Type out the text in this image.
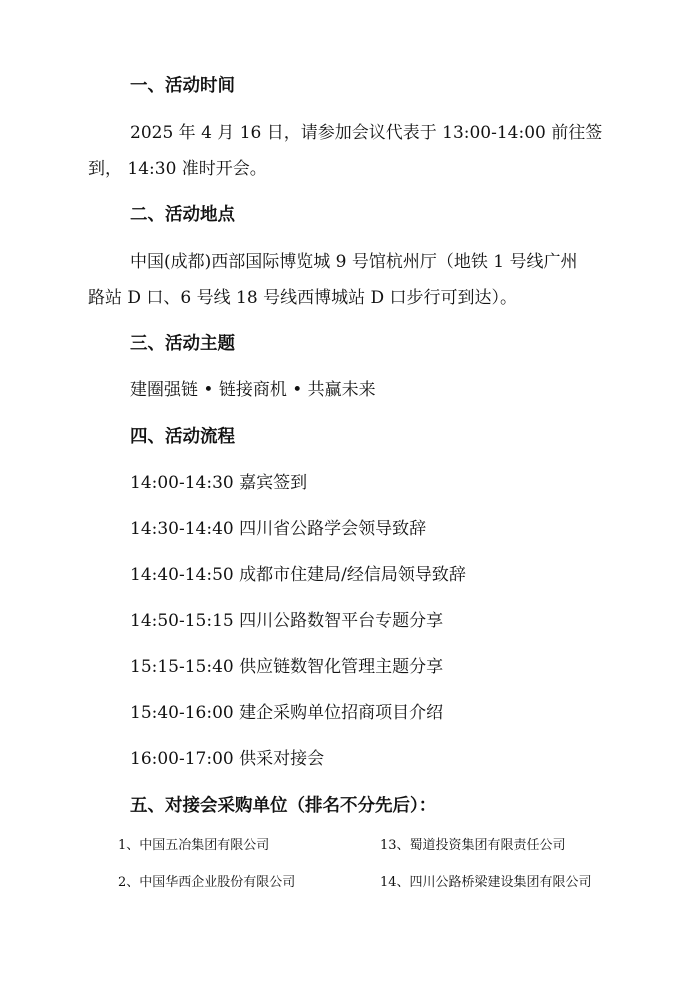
一、活动时间
2025 年 4 月 16 日，请参加会议代表于 13:00-14:00 前往签
到， 14:30 准时开会。
二、活动地点
中国(成都)西部国际博览城 9 号馆杭州厅（地铁 1 号线广州
路站 D 口、6 号线 18 号线西博城站 D 口步行可到达）。
三、活动主题
建圈强链 • 链接商机 • 共赢未来
四、活动流程
14:00-14:30 嘉宾签到
14:30-14:40 四川省公路学会领导致辞
14:40-14:50 成都市住建局/经信局领导致辞
14:50-15:15 四川公路数智平台专题分享
15:15-15:40 供应链数智化管理主题分享
15:40-16:00 建企采购单位招商项目介绍
16:00-17:00 供采对接会
五、对接会采购单位（排名不分先后）：
1、中国五冶集团有限公司	13、蜀道投资集团有限责任公司
2、中国华西企业股份有限公司	14、四川公路桥梁建设集团有限公司
